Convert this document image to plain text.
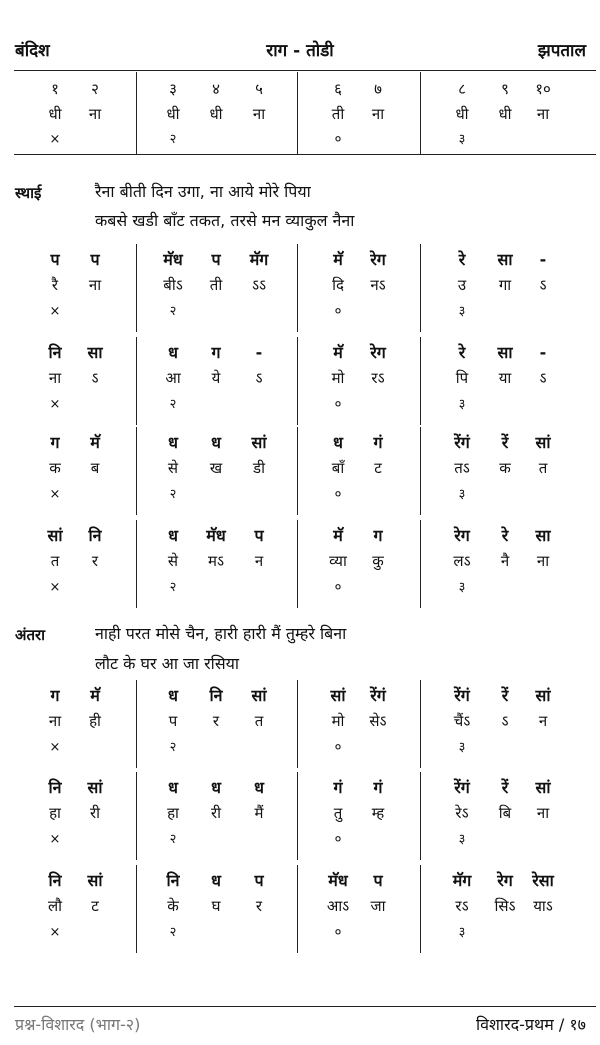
बंदिश	राग - तोडी	झपताल
१ २	३ ४ ५	६ ७	८ ९ १०
धी ना	धी धी ना	ती ना	धी धी ना
×	२	०	३
स्थाई	रैना बीती दिन उगा, ना आये मोरे पिया
कबसे खडी बाँट तकत, तरसे मन व्याकुल नैना
प प	मॅध प मॅग	मॅ रेग	रे सा -
रै ना	बीऽ ती ऽऽ	दि नऽ	उ गा ऽ
×	२	०	३
नि सा	ध ग -	मॅ रेग	रे सा -
ना ऽ	आ ये ऽ	मो रऽ	पि या ऽ
×	२	०	३
ग मॅ	ध ध सां	ध गं	रेंगं रें सां
क ब	से ख डी	बाँ ट	तऽ क त
×	२	०	३
सां नि	ध मॅध प	मॅ ग	रेग रे सा
त र	से मऽ न	व्या कु	लऽ नै ना
×	२	०	३
अंतरा	नाही परत मोसे चैन, हारी हारी मैं तुम्हरे बिना
लौट के घर आ जा रसिया
ग मॅ	ध नि सां	सां रेंगं	रेंगं रें सां
ना ही	प र त	मो सेऽ	चैंऽ ऽ न
×	२	०	३
नि सां	ध ध ध	गं गं	रेंगं रें सां
हा री	हा री मैं	तु म्ह	रेऽ बि ना
×	२	०	३
नि सां	नि ध प	मॅध प	मॅग रेग रेसा
लौ ट	के घ र	आऽ जा	रऽ सिऽ याऽ
×	२	०	३
प्रश्न-विशारद (भाग-२)	विशारद-प्रथम / १७
